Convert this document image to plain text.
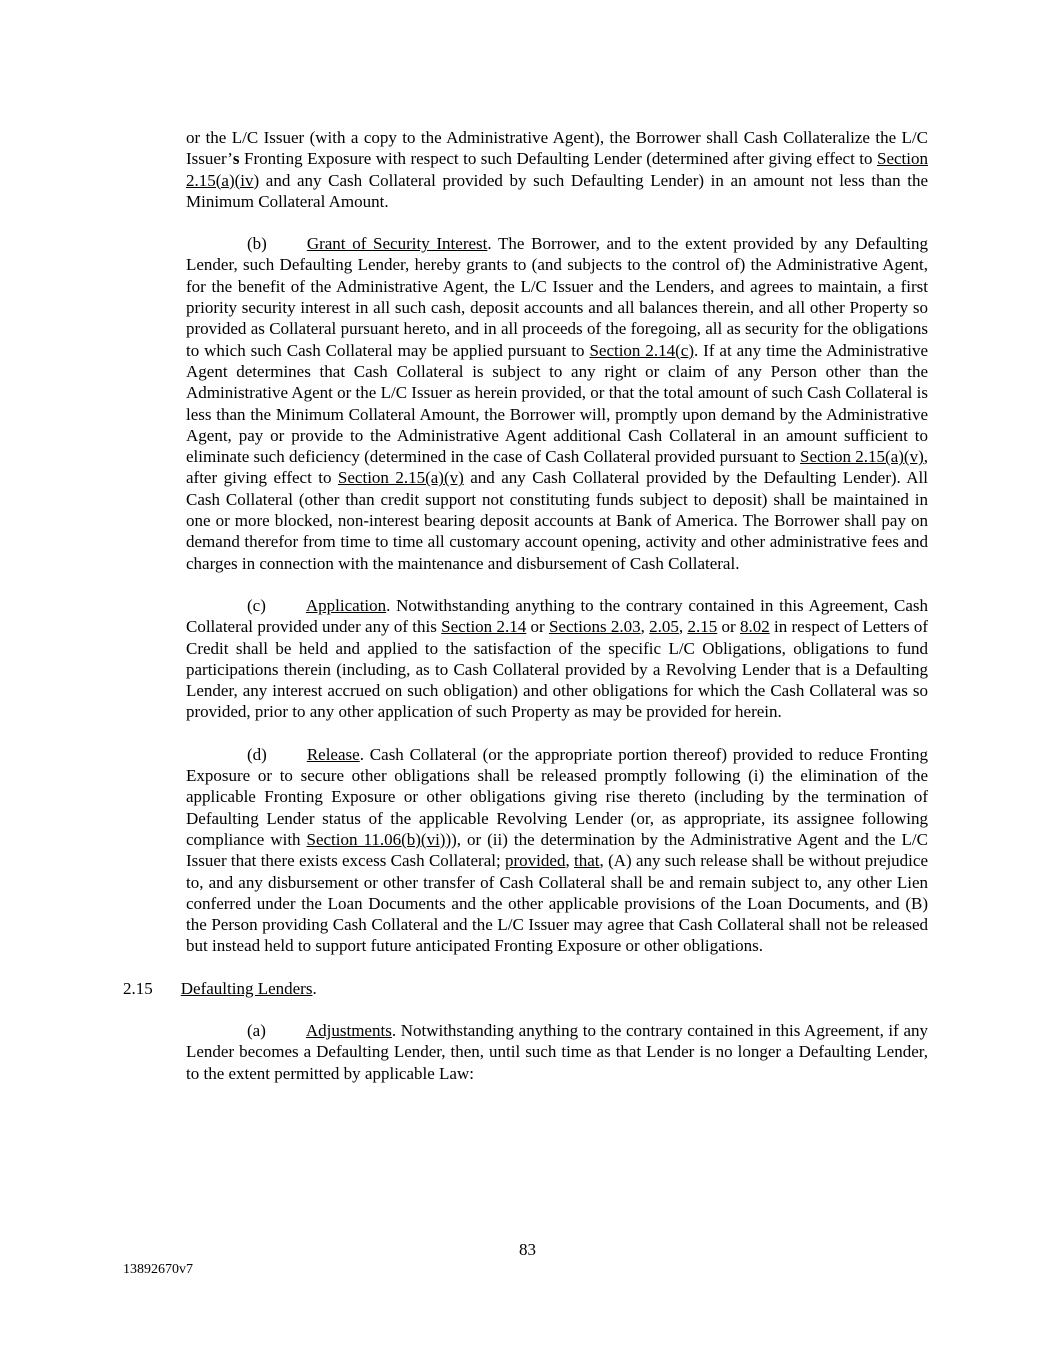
or the L/C Issuer (with a copy to the Administrative Agent), the Borrower shall Cash Collateralize the L/C Issuer’s Fronting Exposure with respect to such Defaulting Lender (determined after giving effect to Section 2.15(a)(iv) and any Cash Collateral provided by such Defaulting Lender) in an amount not less than the Minimum Collateral Amount.

(b) Grant of Security Interest. The Borrower, and to the extent provided by any Defaulting Lender, such Defaulting Lender, hereby grants to (and subjects to the control of) the Administrative Agent, for the benefit of the Administrative Agent, the L/C Issuer and the Lenders, and agrees to maintain, a first priority security interest in all such cash, deposit accounts and all balances therein, and all other Property so provided as Collateral pursuant hereto, and in all proceeds of the foregoing, all as security for the obligations to which such Cash Collateral may be applied pursuant to Section 2.14(c). If at any time the Administrative Agent determines that Cash Collateral is subject to any right or claim of any Person other than the Administrative Agent or the L/C Issuer as herein provided, or that the total amount of such Cash Collateral is less than the Minimum Collateral Amount, the Borrower will, promptly upon demand by the Administrative Agent, pay or provide to the Administrative Agent additional Cash Collateral in an amount sufficient to eliminate such deficiency (determined in the case of Cash Collateral provided pursuant to Section 2.15(a)(v), after giving effect to Section 2.15(a)(v) and any Cash Collateral provided by the Defaulting Lender). All Cash Collateral (other than credit support not constituting funds subject to deposit) shall be maintained in one or more blocked, non-interest bearing deposit accounts at Bank of America. The Borrower shall pay on demand therefor from time to time all customary account opening, activity and other administrative fees and charges in connection with the maintenance and disbursement of Cash Collateral.

(c) Application. Notwithstanding anything to the contrary contained in this Agreement, Cash Collateral provided under any of this Section 2.14 or Sections 2.03, 2.05, 2.15 or 8.02 in respect of Letters of Credit shall be held and applied to the satisfaction of the specific L/C Obligations, obligations to fund participations therein (including, as to Cash Collateral provided by a Revolving Lender that is a Defaulting Lender, any interest accrued on such obligation) and other obligations for which the Cash Collateral was so provided, prior to any other application of such Property as may be provided for herein.

(d) Release. Cash Collateral (or the appropriate portion thereof) provided to reduce Fronting Exposure or to secure other obligations shall be released promptly following (i) the elimination of the applicable Fronting Exposure or other obligations giving rise thereto (including by the termination of Defaulting Lender status of the applicable Revolving Lender (or, as appropriate, its assignee following compliance with Section 11.06(b)(vi))), or (ii) the determination by the Administrative Agent and the L/C Issuer that there exists excess Cash Collateral; provided, that, (A) any such release shall be without prejudice to, and any disbursement or other transfer of Cash Collateral shall be and remain subject to, any other Lien conferred under the Loan Documents and the other applicable provisions of the Loan Documents, and (B) the Person providing Cash Collateral and the L/C Issuer may agree that Cash Collateral shall not be released but instead held to support future anticipated Fronting Exposure or other obligations.

2.15 Defaulting Lenders.

(a) Adjustments. Notwithstanding anything to the contrary contained in this Agreement, if any Lender becomes a Defaulting Lender, then, until such time as that Lender is no longer a Defaulting Lender, to the extent permitted by applicable Law:

83
13892670v7
